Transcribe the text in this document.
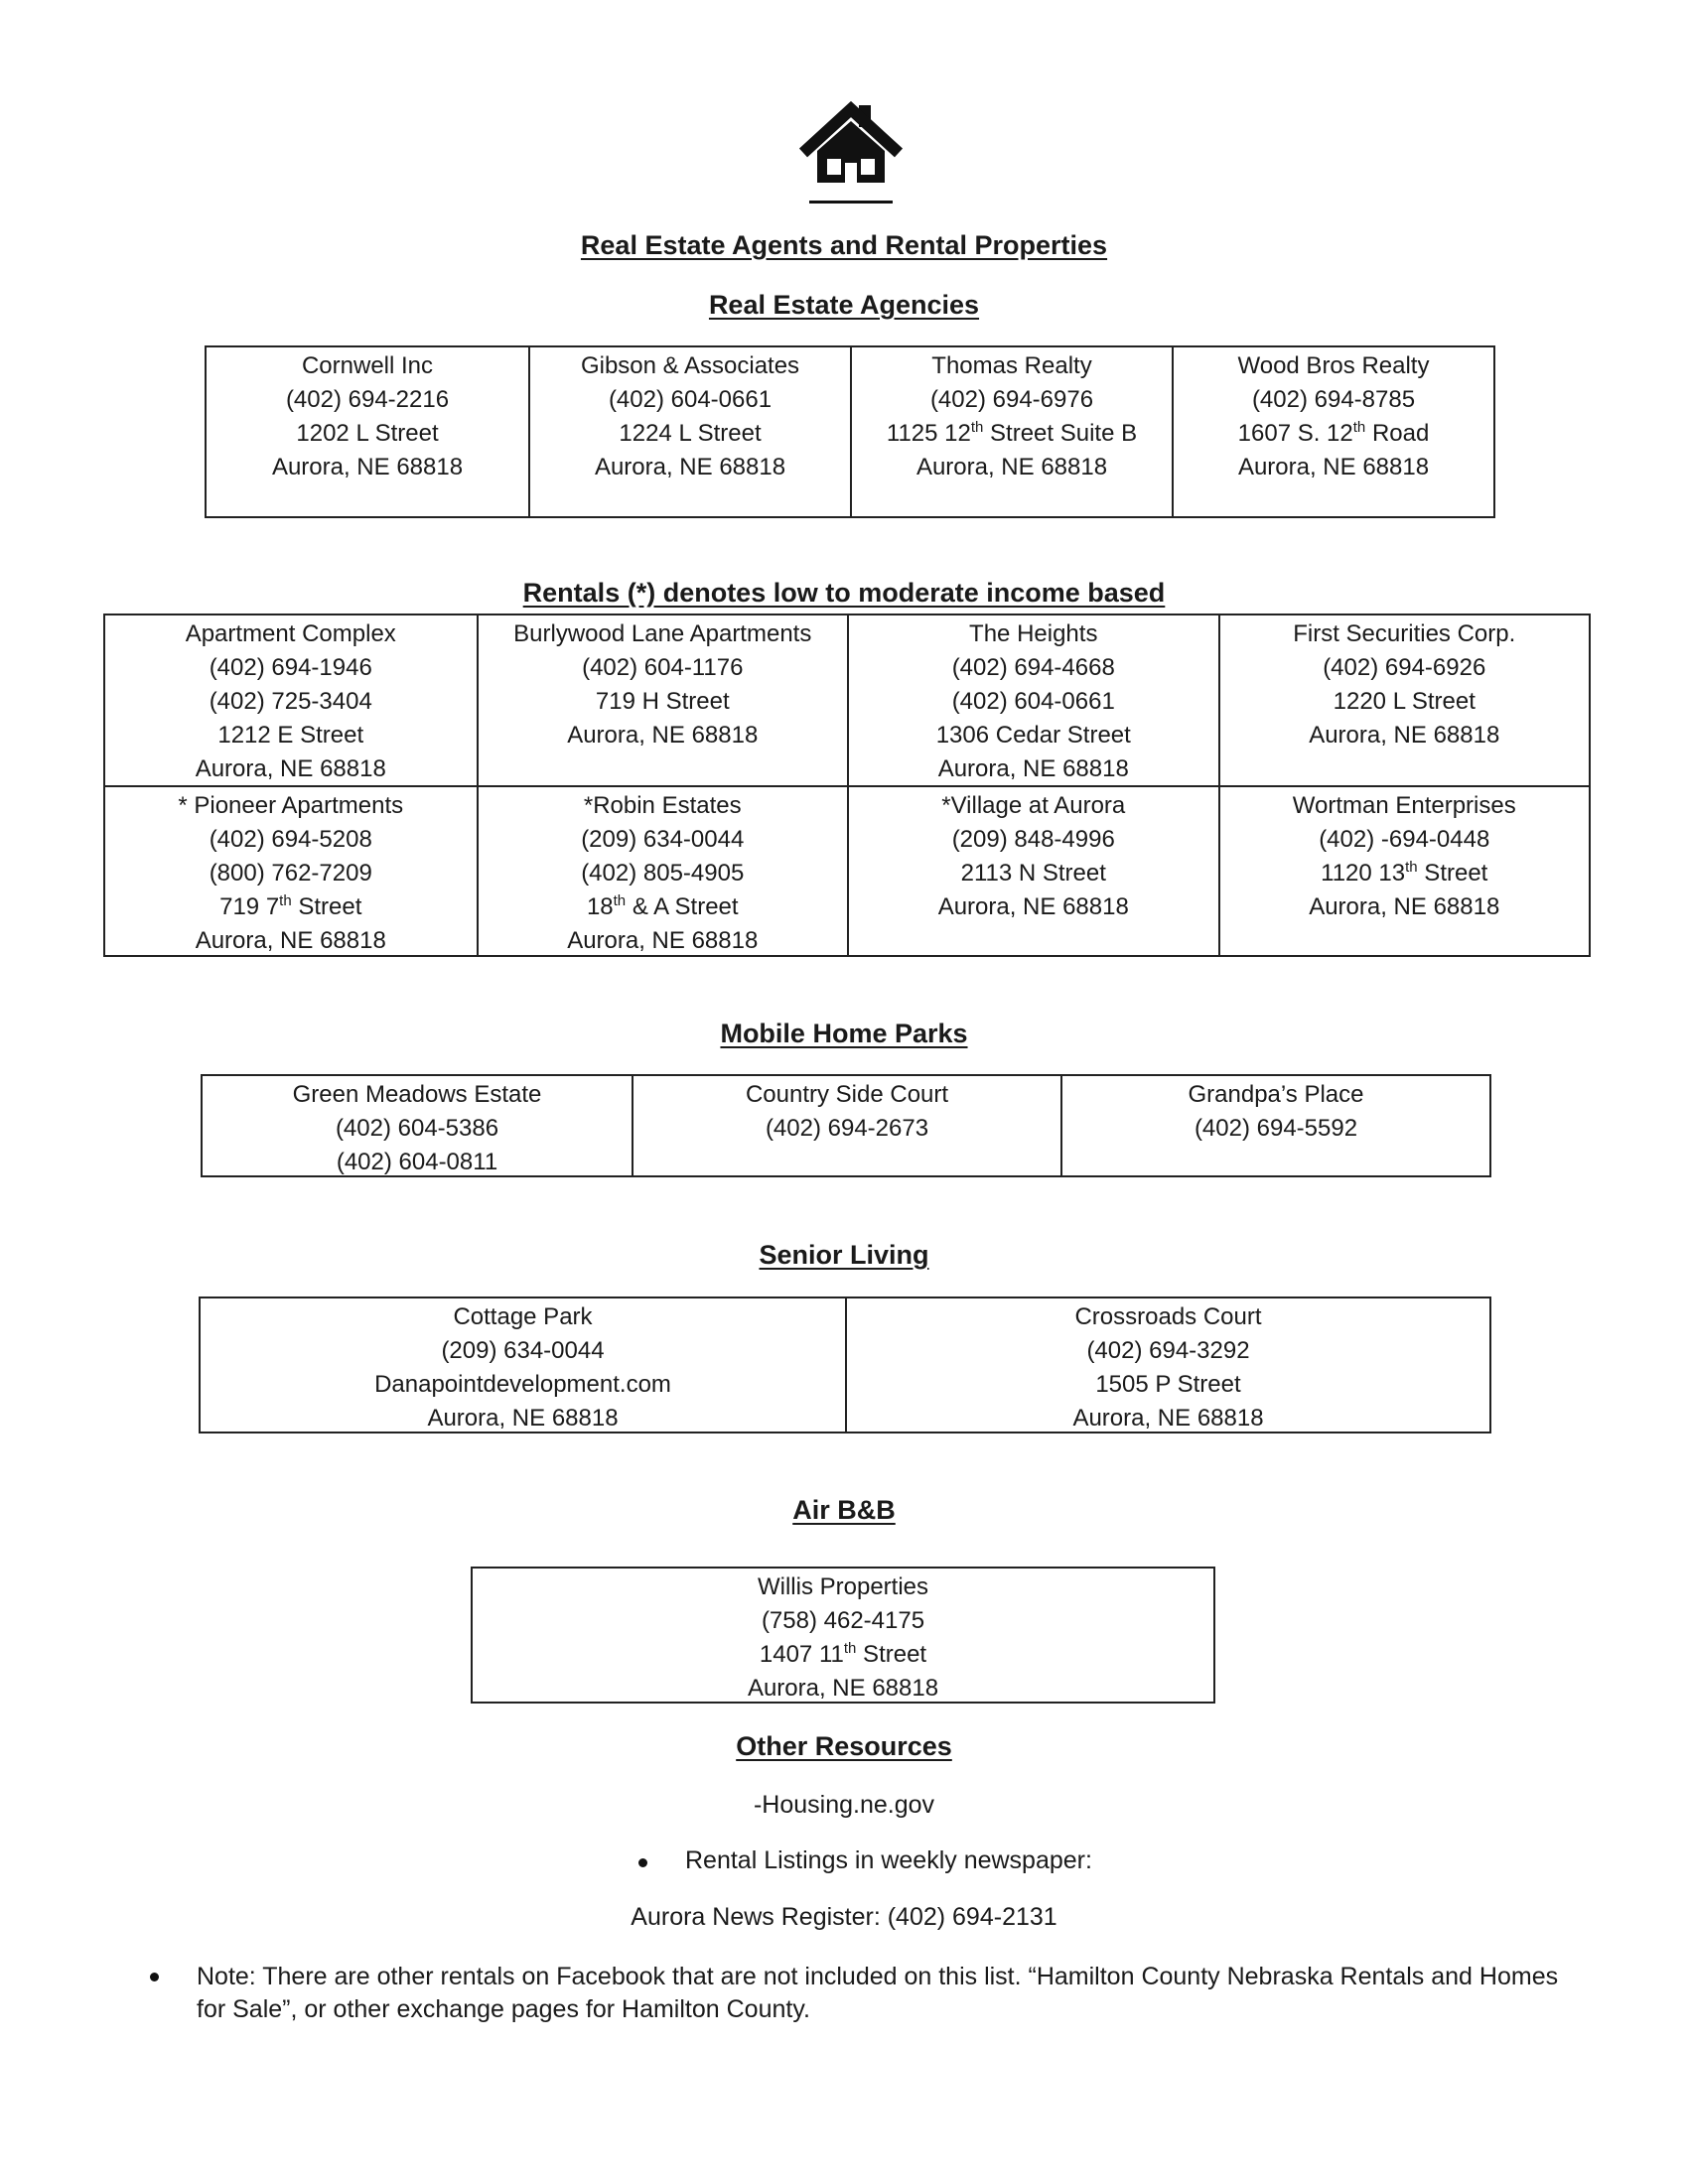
Real Estate Agents and Rental Properties
Real Estate Agencies
Cornwell Inc
(402) 694-2216
1202 L Street
Aurora, NE 68818
Gibson & Associates
(402) 604-0661
1224 L Street
Aurora, NE 68818
Thomas Realty
(402) 694-6976
1125 12th Street Suite B
Aurora, NE 68818
Wood Bros Realty
(402) 694-8785
1607 S. 12th Road
Aurora, NE 68818
Rentals (*) denotes low to moderate income based
Apartment Complex
(402) 694-1946
(402) 725-3404
1212 E Street
Aurora, NE 68818
Burlywood Lane Apartments
(402) 604-1176
719 H Street
Aurora, NE 68818
The Heights
(402) 694-4668
(402) 604-0661
1306 Cedar Street
Aurora, NE 68818
First Securities Corp.
(402) 694-6926
1220 L Street
Aurora, NE 68818
* Pioneer Apartments
(402) 694-5208
(800) 762-7209
719 7th Street
Aurora, NE 68818
*Robin Estates
(209) 634-0044
(402) 805-4905
18th & A Street
Aurora, NE 68818
*Village at Aurora
(209) 848-4996
2113 N Street
Aurora, NE 68818
Wortman Enterprises
(402) -694-0448
1120 13th Street
Aurora, NE 68818
Mobile Home Parks
Green Meadows Estate
(402) 604-5386
(402) 604-0811
Country Side Court
(402) 694-2673
Grandpa’s Place
(402) 694-5592
Senior Living
Cottage Park
(209) 634-0044
Danapointdevelopment.com
Aurora, NE 68818
Crossroads Court
(402) 694-3292
1505 P Street
Aurora, NE 68818
Air B&B
Willis Properties
(758) 462-4175
1407 11th Street
Aurora, NE 68818
Other Resources
-Housing.ne.gov
Rental Listings in weekly newspaper:
Aurora News Register: (402) 694-2131
Note: There are other rentals on Facebook that are not included on this list. “Hamilton County Nebraska Rentals and Homes
for Sale”, or other exchange pages for Hamilton County.
